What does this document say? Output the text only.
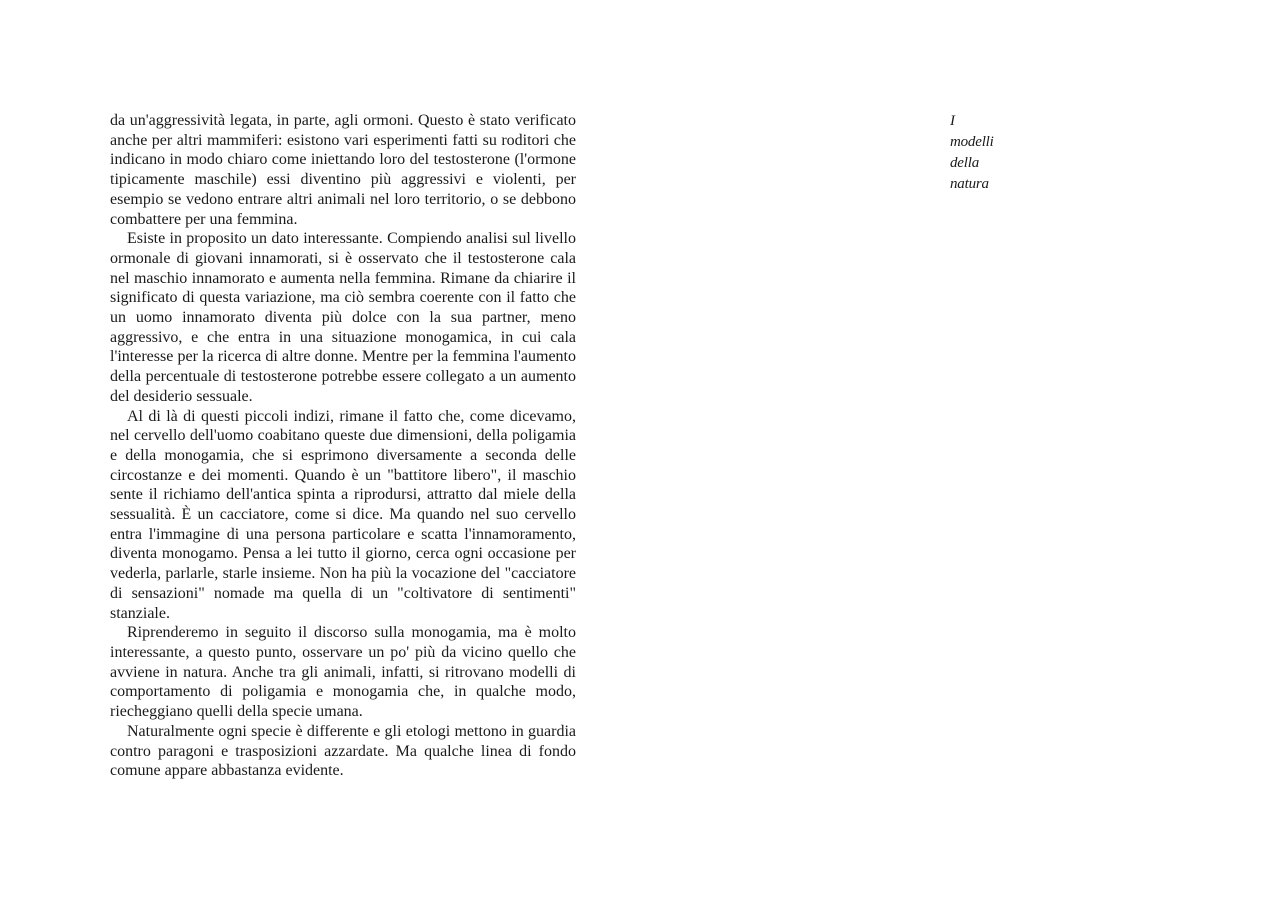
da un'aggressività legata, in parte, agli ormoni. Questo è stato verificato anche per altri mammiferi: esistono vari esperimenti fatti su roditori che indicano in modo chiaro come iniettando loro del testosterone (l'ormone tipicamente maschile) essi diventino più aggressivi e violenti, per esempio se vedono entrare altri animali nel loro territorio, o se debbono combattere per una femmina.

Esiste in proposito un dato interessante. Compiendo analisi sul livello ormonale di giovani innamorati, si è osservato che il testosterone cala nel maschio innamorato e aumenta nella femmina. Rimane da chiarire il significato di questa variazione, ma ciò sembra coerente con il fatto che un uomo innamorato diventa più dolce con la sua partner, meno aggressivo, e che entra in una situazione monogamica, in cui cala l'interesse per la ricerca di altre donne. Mentre per la femmina l'aumento della percentuale di testosterone potrebbe essere collegato a un aumento del desiderio sessuale.

Al di là di questi piccoli indizi, rimane il fatto che, come dicevamo, nel cervello dell'uomo coabitano queste due dimensioni, della poligamia e della monogamia, che si esprimono diversamente a seconda delle circostanze e dei momenti. Quando è un "battitore libero", il maschio sente il richiamo dell'antica spinta a riprodursi, attratto dal miele della sessualità. È un cacciatore, come si dice. Ma quando nel suo cervello entra l'immagine di una persona particolare e scatta l'innamoramento, diventa monogamo. Pensa a lei tutto il giorno, cerca ogni occasione per vederla, parlarle, starle insieme. Non ha più la vocazione del "cacciatore di sensazioni" nomade ma quella di un "coltivatore di sentimenti" stanziale.

Riprenderemo in seguito il discorso sulla monogamia, ma è molto interessante, a questo punto, osservare un po' più da vicino quello che avviene in natura. Anche tra gli animali, infatti, si ritrovano modelli di comportamento di poligamia e monogamia che, in qualche modo, riecheggiano quelli della specie umana.

Naturalmente ogni specie è differente e gli etologi mettono in guardia contro paragoni e trasposizioni azzardate. Ma qualche linea di fondo comune appare abbastanza evidente.

I
modelli
della
natura
